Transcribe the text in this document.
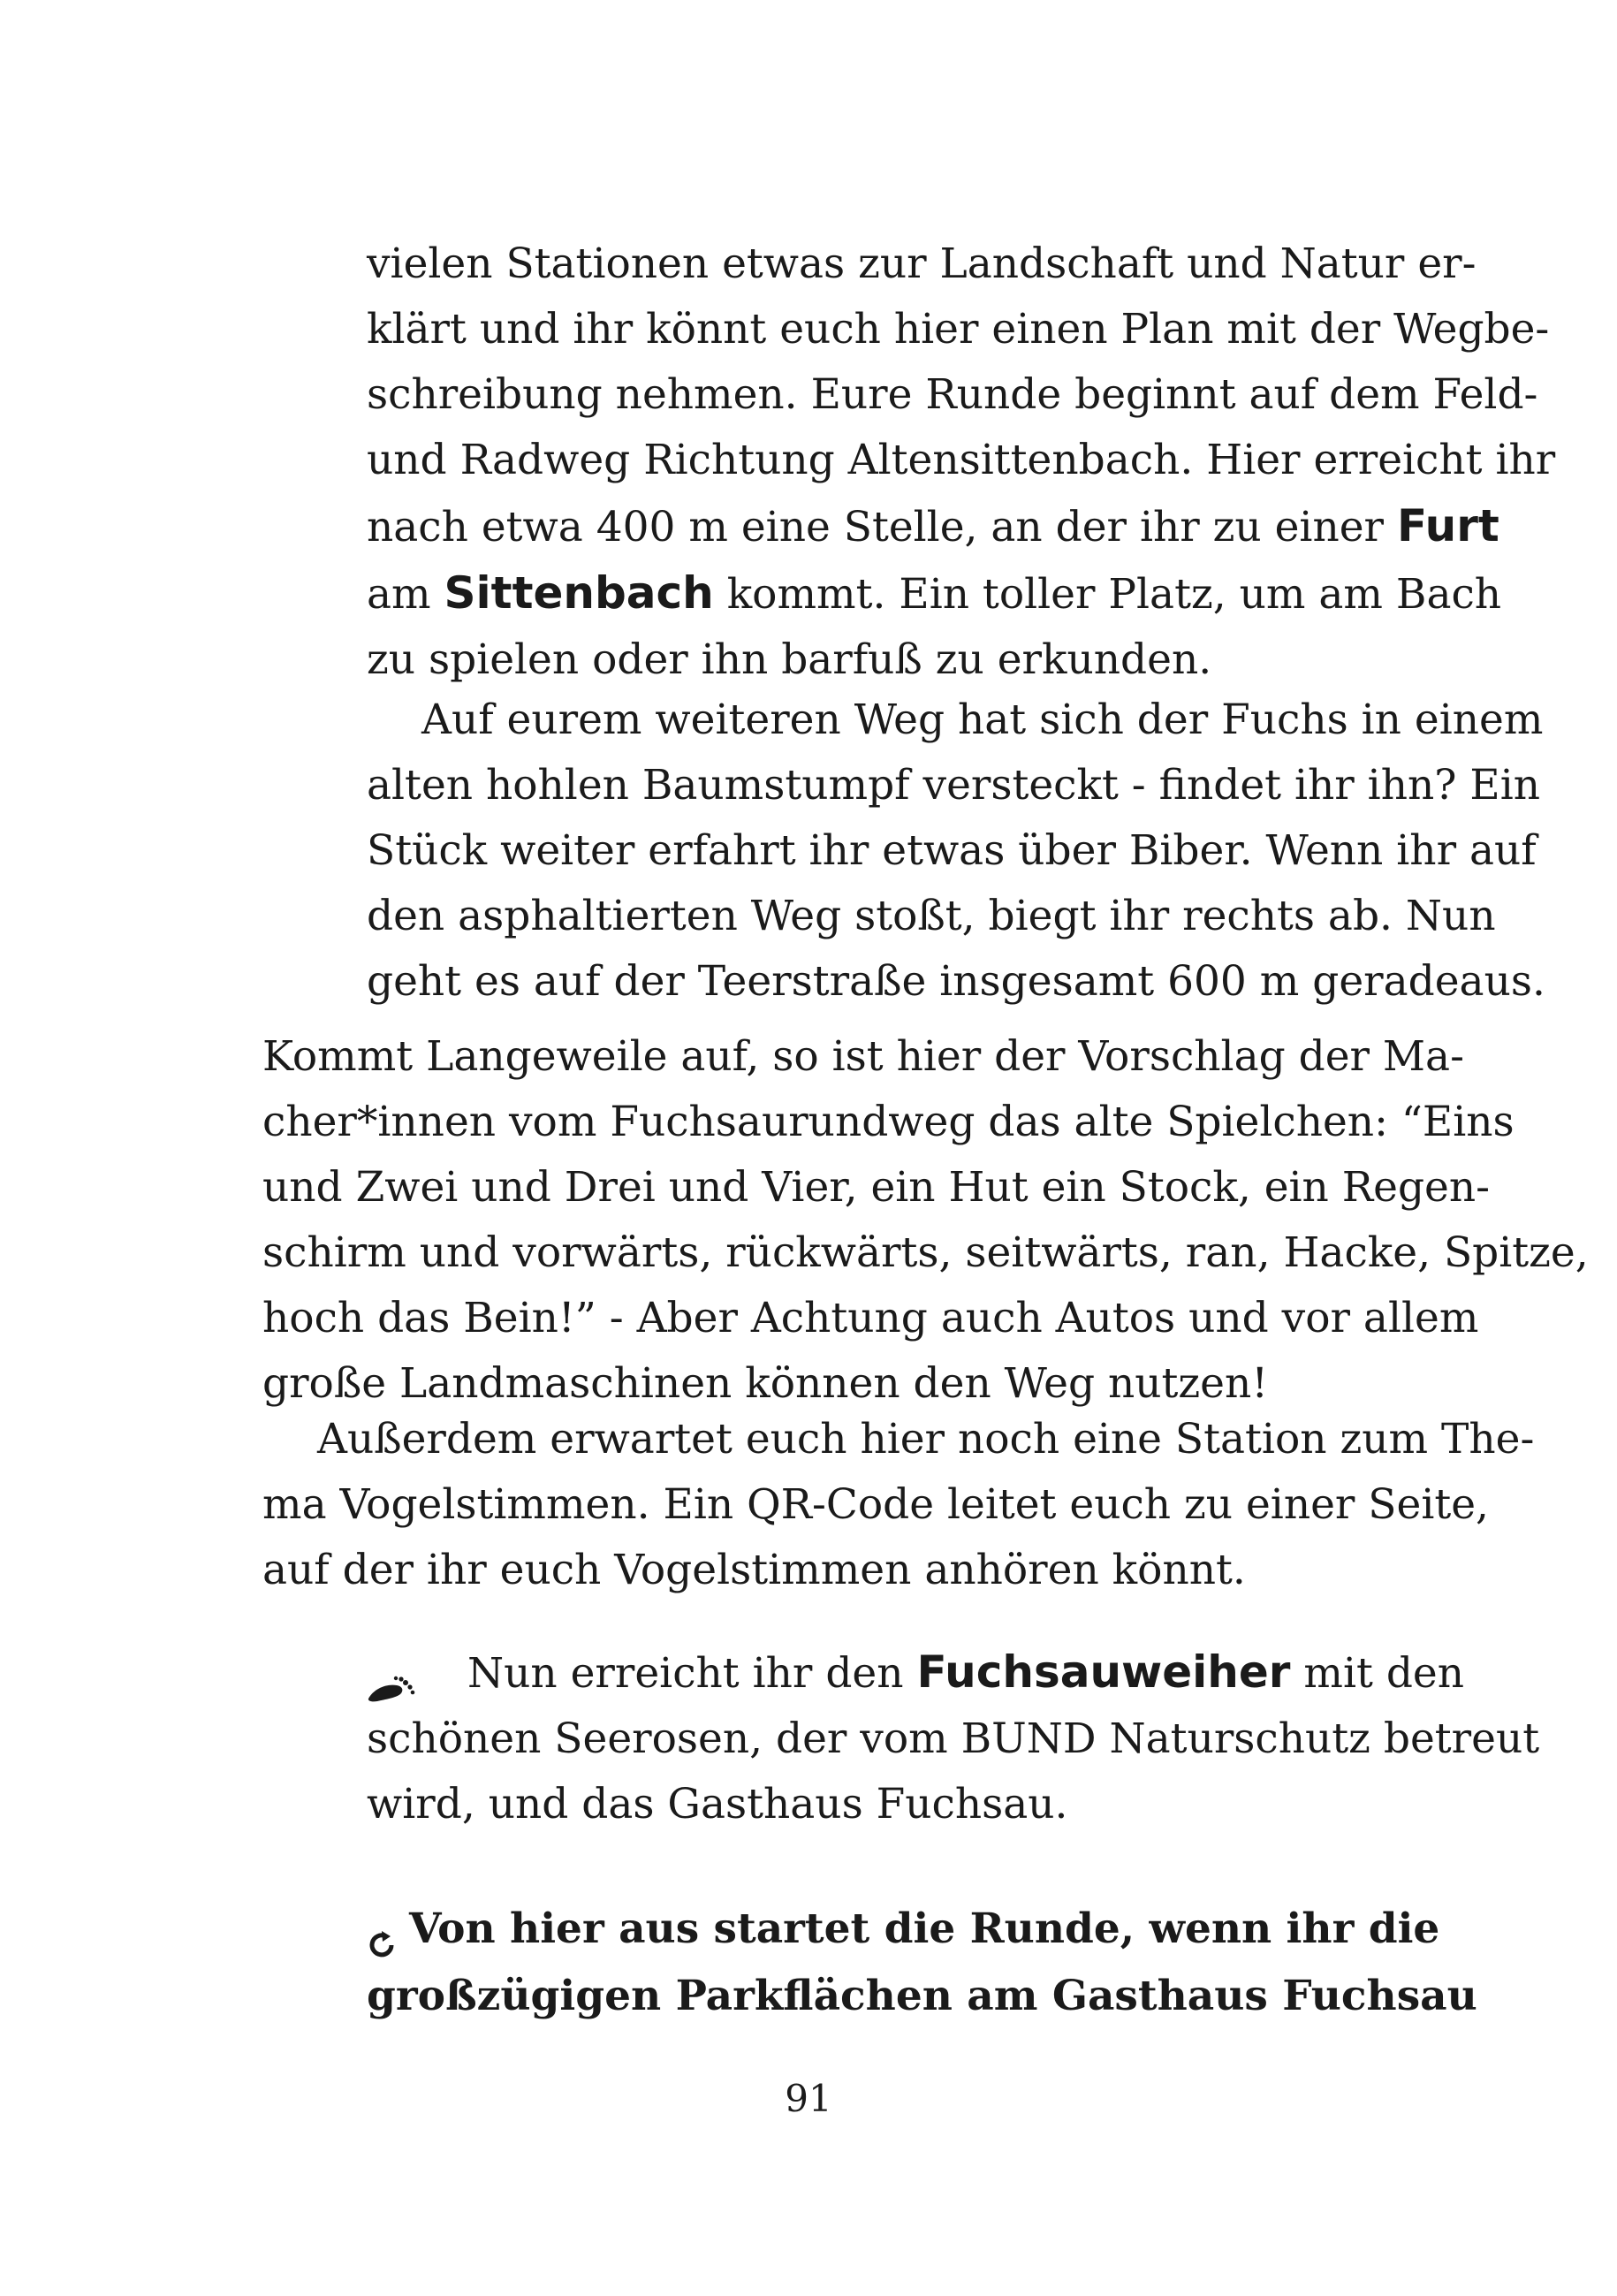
vielen Stationen etwas zur Landschaft und Natur er-
klärt und ihr könnt euch hier einen Plan mit der Wegbe-
schreibung nehmen. Eure Runde beginnt auf dem Feld-
und Radweg Richtung Altensittenbach. Hier erreicht ihr
nach etwa 400 m eine Stelle, an der ihr zu einer Furt
am Sittenbach kommt. Ein toller Platz, um am Bach
zu spielen oder ihn barfuß zu erkunden.
Auf eurem weiteren Weg hat sich der Fuchs in einem
alten hohlen Baumstumpf versteckt - findet ihr ihn? Ein
Stück weiter erfahrt ihr etwas über Biber. Wenn ihr auf
den asphaltierten Weg stoßt, biegt ihr rechts ab. Nun
geht es auf der Teerstraße insgesamt 600 m geradeaus.
Kommt Langeweile auf, so ist hier der Vorschlag der Ma-
cher*innen vom Fuchsaurundweg das alte Spielchen: “Eins
und Zwei und Drei und Vier, ein Hut ein Stock, ein Regen-
schirm und vorwärts, rückwärts, seitwärts, ran, Hacke, Spitze,
hoch das Bein!” - Aber Achtung auch Autos und vor allem
große Landmaschinen können den Weg nutzen!
Außerdem erwartet euch hier noch eine Station zum The-
ma Vogelstimmen. Ein QR-Code leitet euch zu einer Seite,
auf der ihr euch Vogelstimmen anhören könnt.
Nun erreicht ihr den Fuchsauweiher mit den
schönen Seerosen, der vom BUND Naturschutz betreut
wird, und das Gasthaus Fuchsau.
Von hier aus startet die Runde, wenn ihr die
großzügigen Parkflächen am Gasthaus Fuchsau
91
